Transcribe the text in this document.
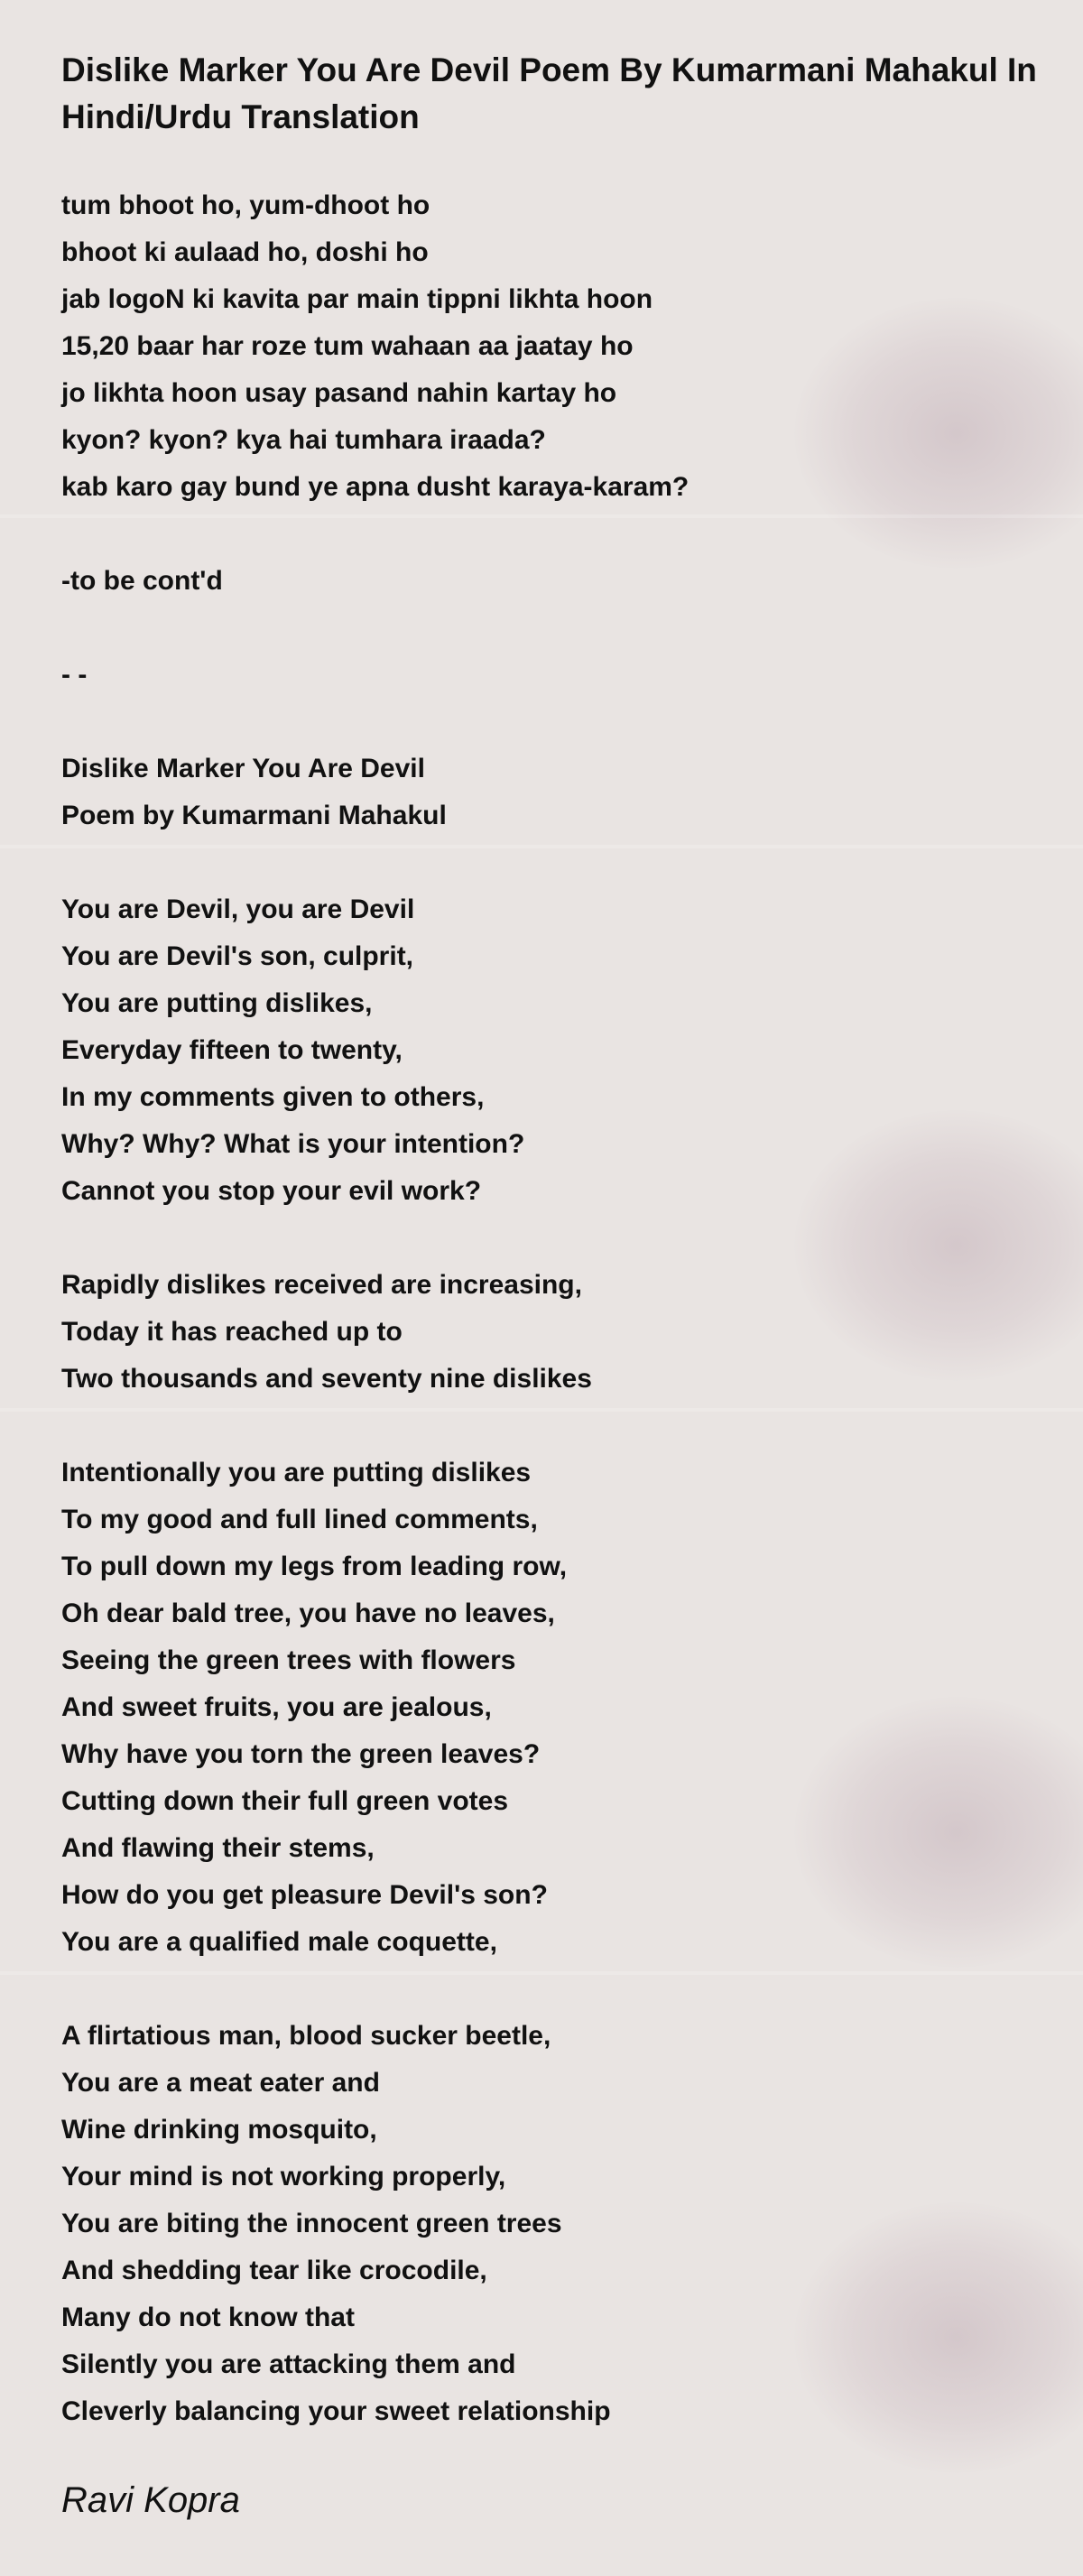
Dislike Marker You Are Devil Poem By Kumarmani Mahakul In Hindi/Urdu Translation
tum bhoot ho, yum-dhoot ho
bhoot ki aulaad ho, doshi ho
jab logoN ki kavita par main tippni likhta hoon
15,20 baar har roze tum wahaan aa jaatay ho
jo likhta hoon usay pasand nahin kartay ho
kyon? kyon? kya hai tumhara iraada?
kab karo gay bund ye apna dusht karaya-karam?
-to be cont'd
- -
Dislike Marker You Are Devil
Poem by Kumarmani Mahakul
You are Devil, you are Devil
You are Devil's son, culprit,
You are putting dislikes,
Everyday fifteen to twenty,
In my comments given to others,
Why? Why? What is your intention?
Cannot you stop your evil work?
Rapidly dislikes received are increasing,
Today it has reached up to
Two thousands and seventy nine dislikes
Intentionally you are putting dislikes
To my good and full lined comments,
To pull down my legs from leading row,
Oh dear bald tree, you have no leaves,
Seeing the green trees with flowers
And sweet fruits, you are jealous,
Why have you torn the green leaves?
Cutting down their full green votes
And flawing their stems,
How do you get pleasure Devil's son?
You are a qualified male coquette,
A flirtatious man, blood sucker beetle,
You are a meat eater and
Wine drinking mosquito,
Your mind is not working properly,
You are biting the innocent green trees
And shedding tear like crocodile,
Many do not know that
Silently you are attacking them and
Cleverly balancing your sweet relationship
Ravi Kopra
